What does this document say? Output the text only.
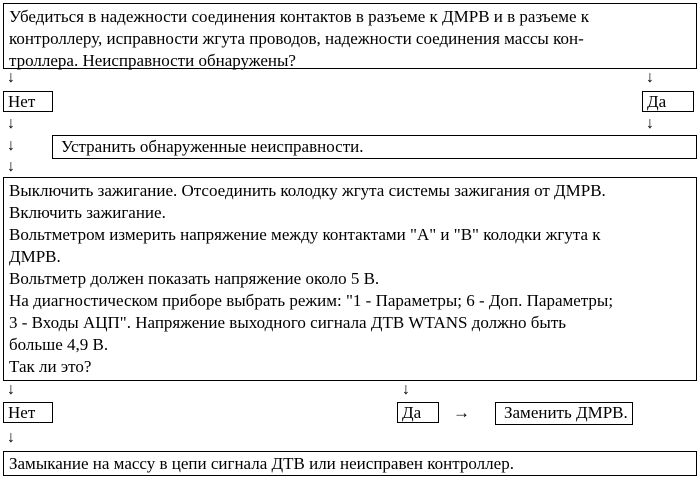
Убедиться в надежности соединения контактов в разъеме к ДМРВ и в разъеме к
контроллеру, исправности жгута проводов, надежности соединения массы кон-
троллера. Неисправности обнаружены?
↓	↓
Нет	Да
↓	↓
↓	Устранить обнаруженные неисправности.
↓
Выключить зажигание. Отсоединить колодку жгута системы зажигания от ДМРВ.
Включить зажигание.
Вольтметром измерить напряжение между контактами "А" и "В" колодки жгута к
ДМРВ.
Вольтметр должен показать напряжение около 5 В.
На диагностическом приборе выбрать режим: "1 - Параметры; 6 - Доп. Параметры;
3 - Входы АЦП". Напряжение выходного сигнала ДТВ WTANS должно быть
больше 4,9 В.
Так ли это?
↓	↓
Нет	Да	→	Заменить ДМРВ.
↓
Замыкание на массу в цепи сигнала ДТВ или неисправен контроллер.
